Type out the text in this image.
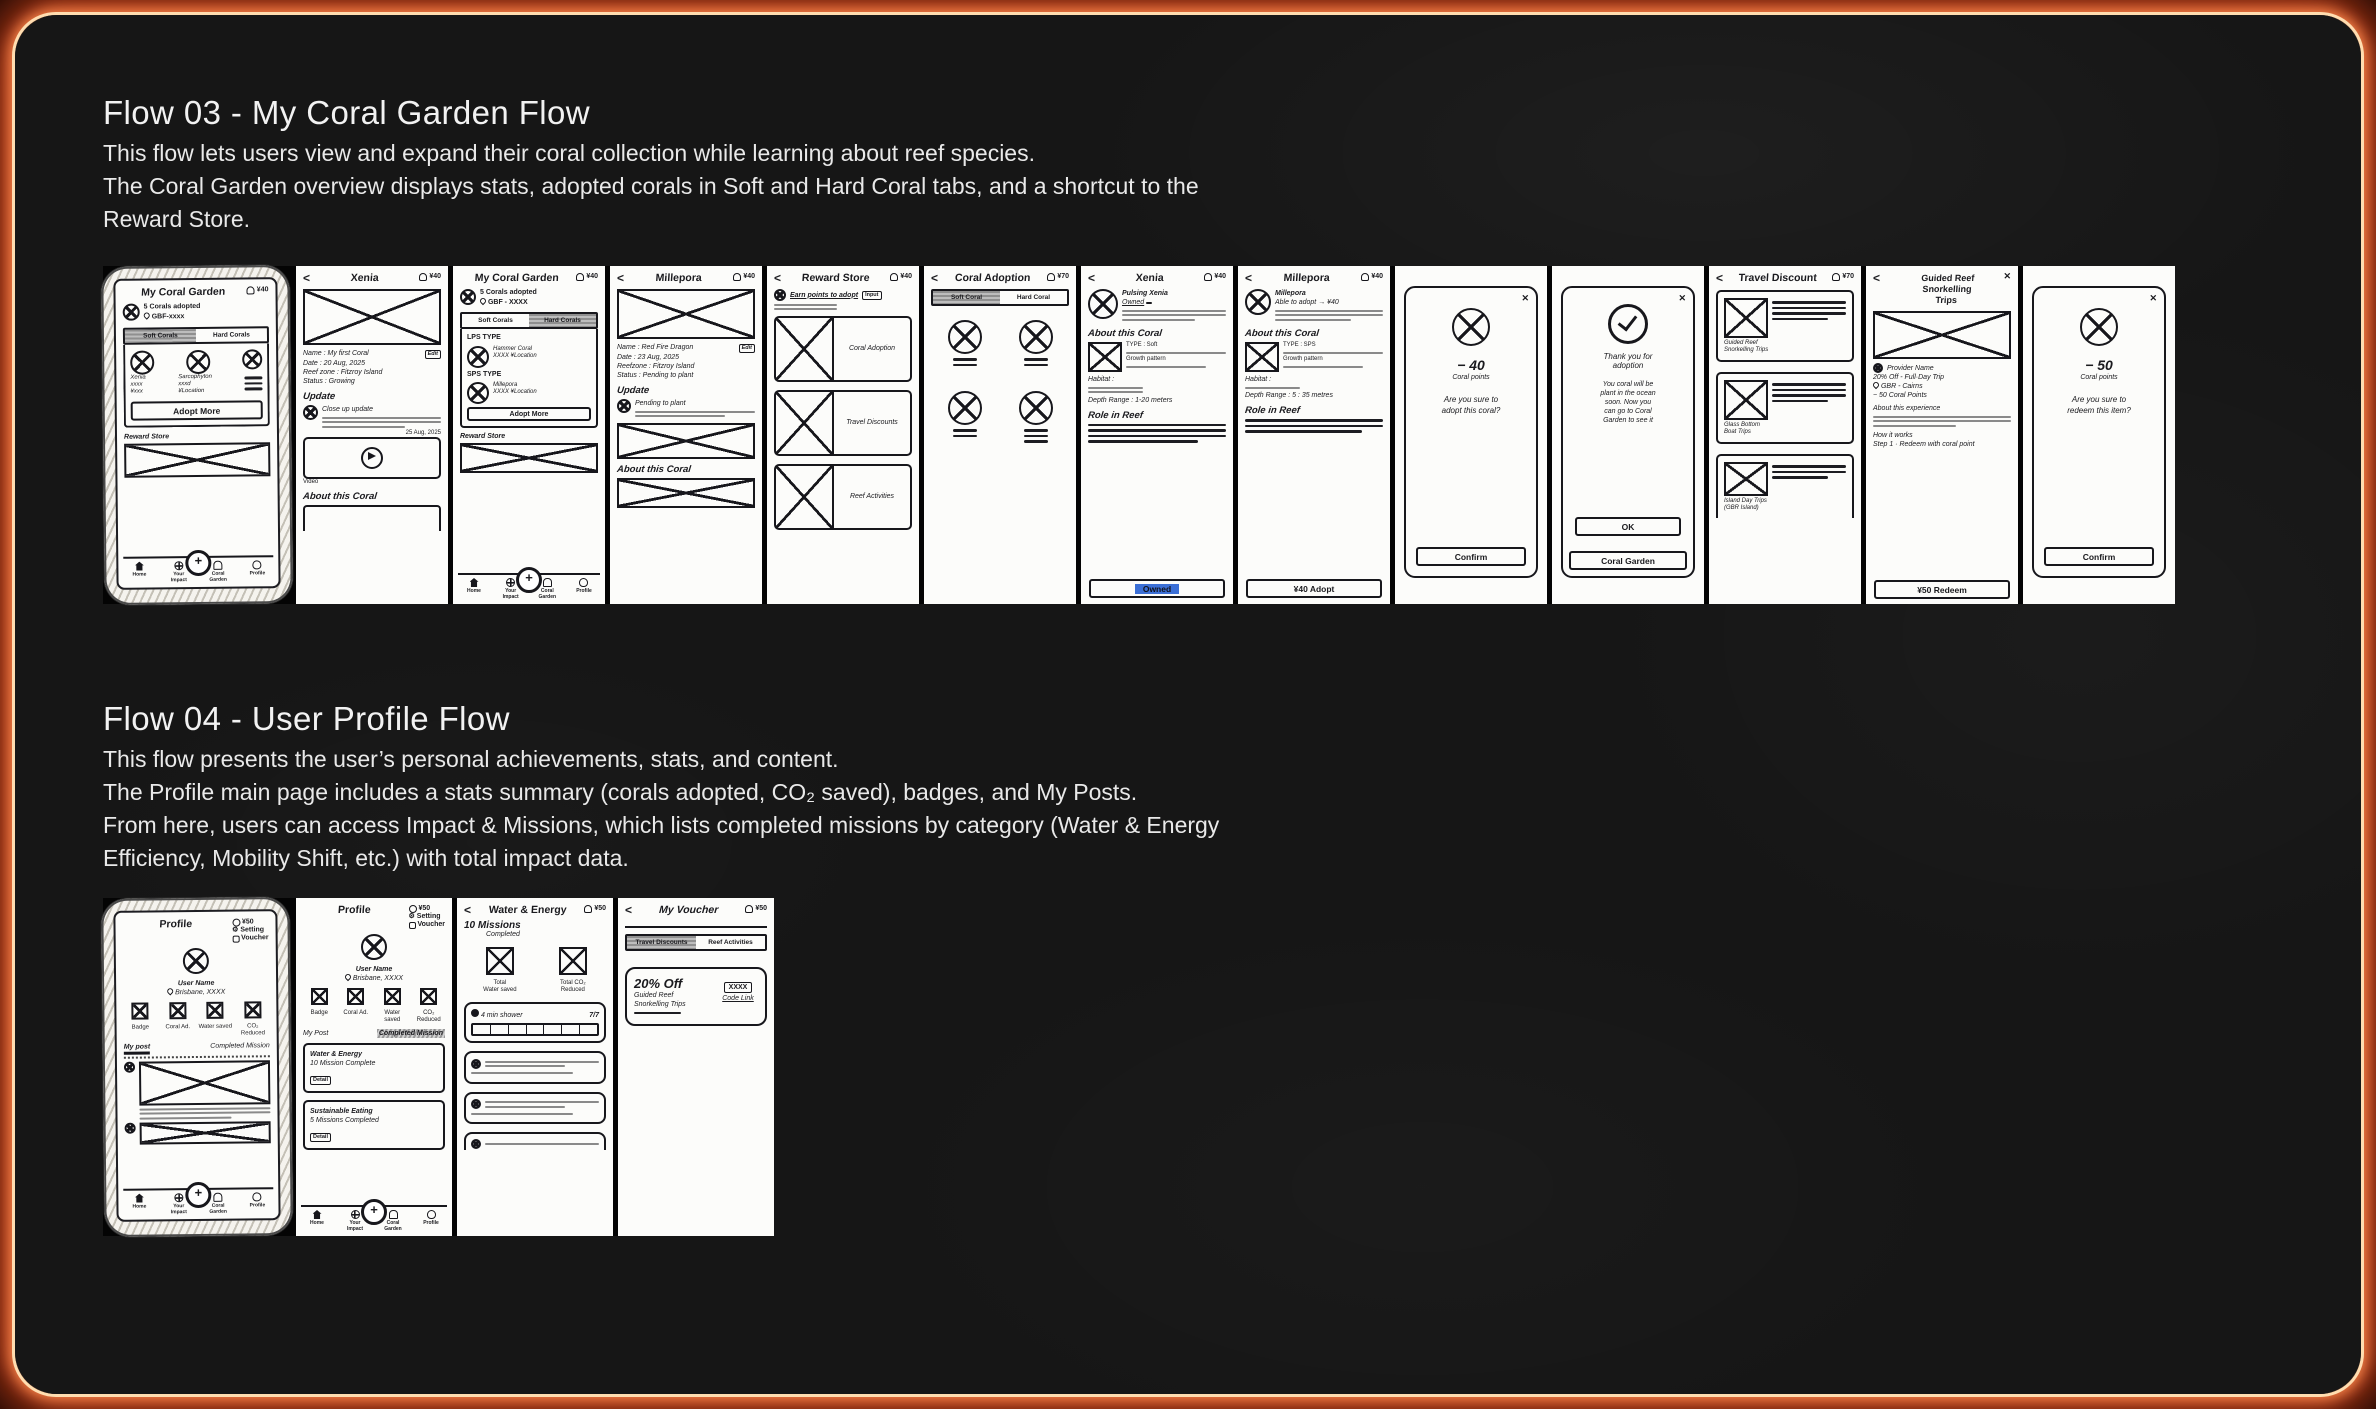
Flow 03 - My Coral Garden Flow
This flow lets users view and expand their coral collection while learning about reef species.
The Coral Garden overview displays stats, adopted corals in Soft and Hard Coral tabs, and a shortcut to the
Reward Store.
My Coral Garden	¥40
5 Corals adopted
GBF-xxxx
Soft Corals	Hard Corals
Xenia
xxxx
¥xxx
Sarcophyton
xxxd
¥Location
Adopt More
Reward Store
+
Home	Your Impact
Coral Garden
Profile
<	Xenia	¥40
Name : My first Coral	Edit
Date : 20 Aug, 2025
Reef zone : Fitzroy Island
Status : Growing
Update
Close up update
25 Aug, 2025
Video
About this Coral
My Coral Garden	¥40
5 Corals adopted
GBF - XXXX
Soft Corals	Hard Corals
LPS TYPE
Hammer Coral
XXXX ¥Location
SPS TYPE
Millepora
XXXX ¥Location
Adopt More
Reward Store
+
Home	Your Impact
Coral Garden
Profile
<	Millepora	¥40
Name : Red Fire Dragon	Edit
Date : 23 Aug, 2025
Reefzone : Fitzroy Island
Status : Pending to plant
Update
Pending to plant
About this Coral
<	Reward Store	¥40
Earn points to adopt	Input
Coral Adoption
Travel Discounts
Reef Activities
<	Coral Adoption	¥70
Soft Coral	Hard Coral
<	Xenia	¥40
Pulsing Xenia
Owned
About this Coral
TYPE : Soft
Growth pattern
Habitat :
Depth Range : 1-20 meters
Role in Reef
Owned
<	Millepora	¥40
Millepora
Able to adopt → ¥40
About this Coral
TYPE : SPS
Growth pattern
Habitat :
Depth Range : 5 : 35 metres
Role in Reef
¥40 Adopt
✕
− 40
Coral points
Are you sure to
adopt this coral?
Confirm
✕
Thank you for
adoption
You coral will be
plant in the ocean
soon. Now you
can go to Coral
Garden to see it
OK
Coral Garden
<	Travel Discount	¥70
Guided Reef
Snorkelling Trips
Glass Bottom
Boat Trips
Island Day Trips
(GBR Island)
<	Guided Reef
Snorkelling
Trips
✕
Provider Name
20% Off - Full·Day Trip
GBR - Cairns
− 50 Coral Points
About this experience
How it works
Step 1 · Redeem with coral point
¥50 Redeem
✕
− 50
Coral points
Are you sure to
redeem this item?
Confirm
Flow 04 - User Profile Flow
This flow presents the user’s personal achievements, stats, and content.
The Profile main page includes a stats summary (corals adopted, CO₂ saved), badges, and My Posts.
From here, users can access Impact & Missions, which lists completed missions by category (Water & Energy
Efficiency, Mobility Shift, etc.) with total impact data.
Profile	¥50
⚙ Setting
Voucher
User Name
Brisbane, XXXX
Badge	Coral Ad.	Water saved	CO₂ Reduced
My post	Completed Mission
+
Home	Your Impact
Coral Garden
Profile
Profile	¥50
⚙ Setting
Voucher
User Name
Brisbane, XXXX
Badge	Coral Ad.	Water saved
CO₂ Reduced
My Post	Completed Mission
Water & Energy
10 Mission Complete
Detail
Sustainable Eating
5 Missions Completed
Detail
+
Home	Your Impact
Coral Garden
Profile
<	Water & Energy	¥50
10 Missions
Completed
Total
Water saved
Total CO₂
Reduced
4 min shower	7/7
<	My Voucher	¥50
Travel Discounts	Reef Activities
20% Off
Guided Reef
Snorkelling Trips
XXXX
Code Link
